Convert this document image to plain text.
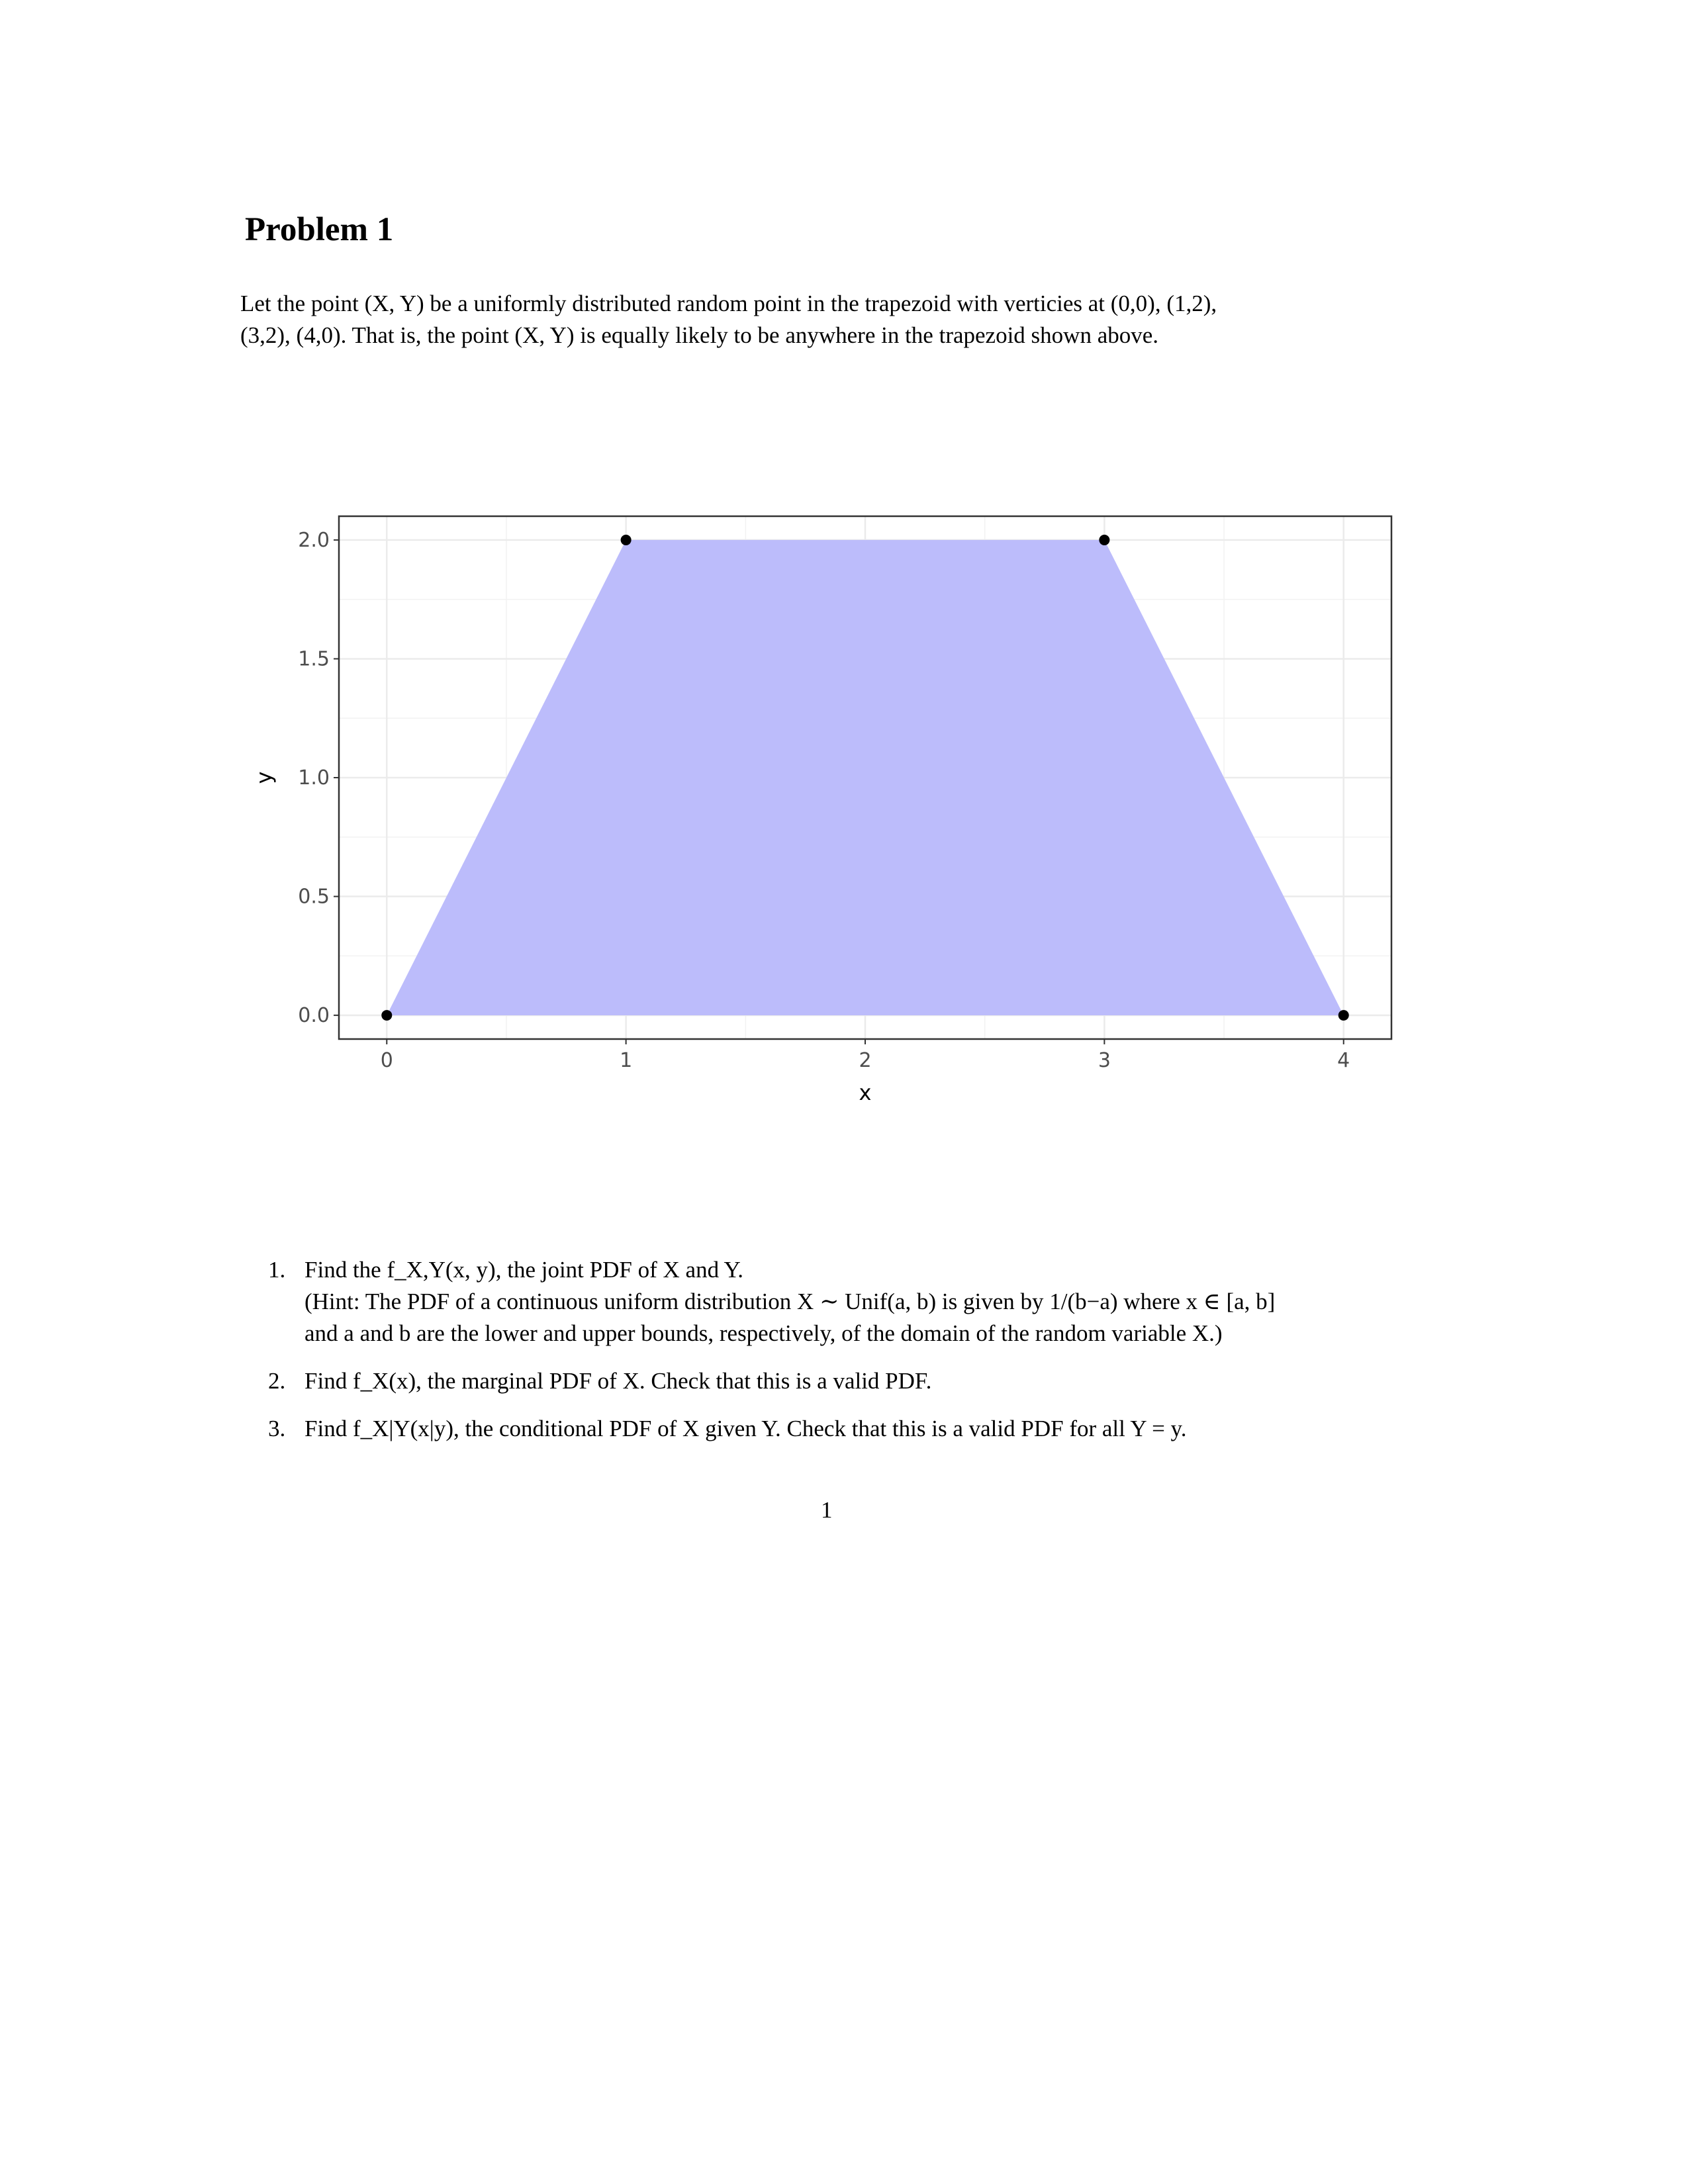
Problem 1

Let the point (X, Y) be a uniformly distributed random point in the trapezoid with verticies at (0,0), (1,2),

(3,2), (4,0). That is, the point (X, Y) is equally likely to be anywhere in the trapezoid shown above.

0	1	2	3	4
0.0
0.5
1.0
1.5
2.0
x
y
1. Find the f_X,Y(x, y), the joint PDF of X and Y.
(Hint: The PDF of a continuous uniform distribution X ∼ Unif(a, b) is given by 1/(b−a) where x ∈ [a, b]
and a and b are the lower and upper bounds, respectively, of the domain of the random variable X.)
2. Find f_X(x), the marginal PDF of X. Check that this is a valid PDF.
3. Find f_X|Y(x|y), the conditional PDF of X given Y. Check that this is a valid PDF for all Y = y.
1
